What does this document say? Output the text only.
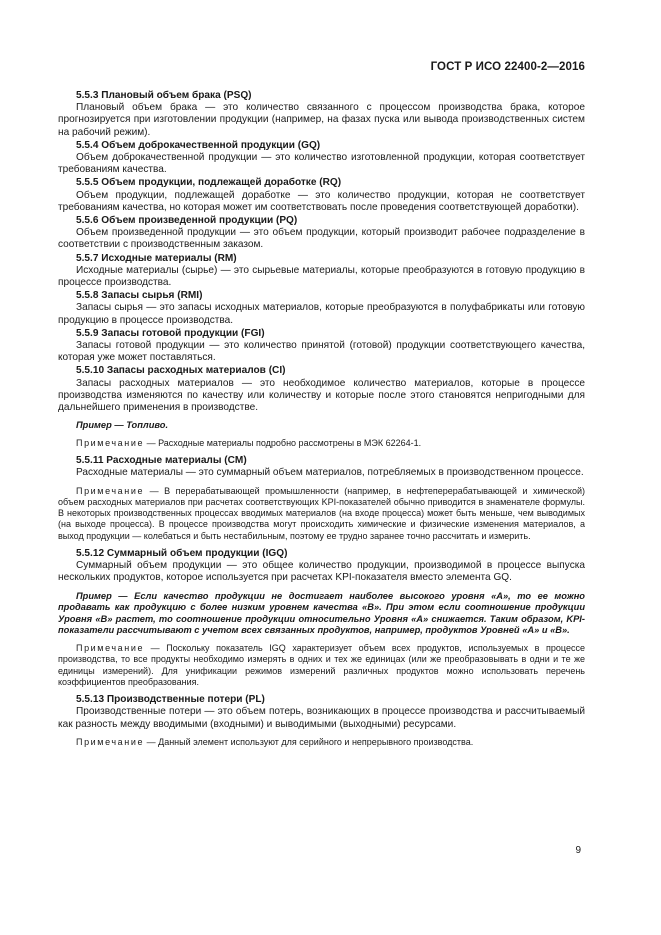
ГОСТ Р ИСО 22400-2—2016

5.5.3 Плановый объем брака (PSQ)

Плановый объем брака — это количество связанного с процессом производства брака, которое прогнозируется при изготовлении продукции (например, на фазах пуска или вывода производственных систем на рабочий режим).

5.5.4 Объем доброкачественной продукции (GQ)

Объем доброкачественной продукции — это количество изготовленной продукции, которая соответствует требованиям качества.

5.5.5 Объем продукции, подлежащей доработке (RQ)

Объем продукции, подлежащей доработке — это количество продукции, которая не соответствует требованиям качества, но которая может им соответствовать после проведения соответствующей доработки).

5.5.6 Объем произведенной продукции (PQ)

Объем произведенной продукции — это объем продукции, который производит рабочее подразделение в соответствии с производственным заказом.

5.5.7 Исходные материалы (RM)

Исходные материалы (сырье) — это сырьевые материалы, которые преобразуются в готовую продукцию в процессе производства.

5.5.8 Запасы сырья (RMI)

Запасы сырья — это запасы исходных материалов, которые преобразуются в полуфабрикаты или готовую продукцию в процессе производства.

5.5.9 Запасы готовой продукции (FGI)

Запасы готовой продукции — это количество принятой (готовой) продукции соответствующего качества, которая уже может поставляться.

5.5.10 Запасы расходных материалов (CI)

Запасы расходных материалов — это необходимое количество материалов, которые в процессе производства изменяются по качеству или количеству и которые после этого становятся непригодными для дальнейшего применения в производстве.

Пример — Топливо.

Примечание — Расходные материалы подробно рассмотрены в МЭК 62264-1.

5.5.11 Расходные материалы (CM)

Расходные материалы — это суммарный объем материалов, потребляемых в производственном процессе.

Примечание — В перерабатывающей промышленности (например, в нефтеперерабатывающей и химической) объем расходных материалов при расчетах соответствующих KPI-показателей обычно приводится в знаменателе формулы. В некоторых производственных процессах вводимых материалов (на входе процесса) может быть меньше, чем выводимых (на выходе процесса). В процессе производства могут происходить химические и физические изменения материалов, а выход продукции — колебаться и быть нестабильным, поэтому ее трудно заранее точно рассчитать и измерить.

5.5.12 Суммарный объем продукции (IGQ)

Суммарный объем продукции — это общее количество продукции, производимой в процессе выпуска нескольких продуктов, которое используется при расчетах KPI-показателя вместо элемента GQ.

Пример — Если качество продукции не достигает наиболее высокого уровня «A», то ее можно продавать как продукцию с более низким уровнем качества «B». При этом если соотношение продукции Уровня «B» растет, то соотношение продукции относительно Уровня «A» снижается. Таким образом, KPI-показатели рассчитывают с учетом всех связанных продуктов, например, продуктов Уровней «A» и «B».

Примечание — Поскольку показатель IGQ характеризует объем всех продуктов, используемых в процессе производства, то все продукты необходимо измерять в одних и тех же единицах (или же преобразовывать в одни и те же единицы измерений). Для унификации режимов измерений различных продуктов можно использовать перечень коэффициентов преобразования.

5.5.13 Производственные потери (PL)

Производственные потери — это объем потерь, возникающих в процессе производства и рассчитываемый как разность между вводимыми (входными) и выводимыми (выходными) ресурсами.

Примечание — Данный элемент используют для серийного и непрерывного производства.

9
